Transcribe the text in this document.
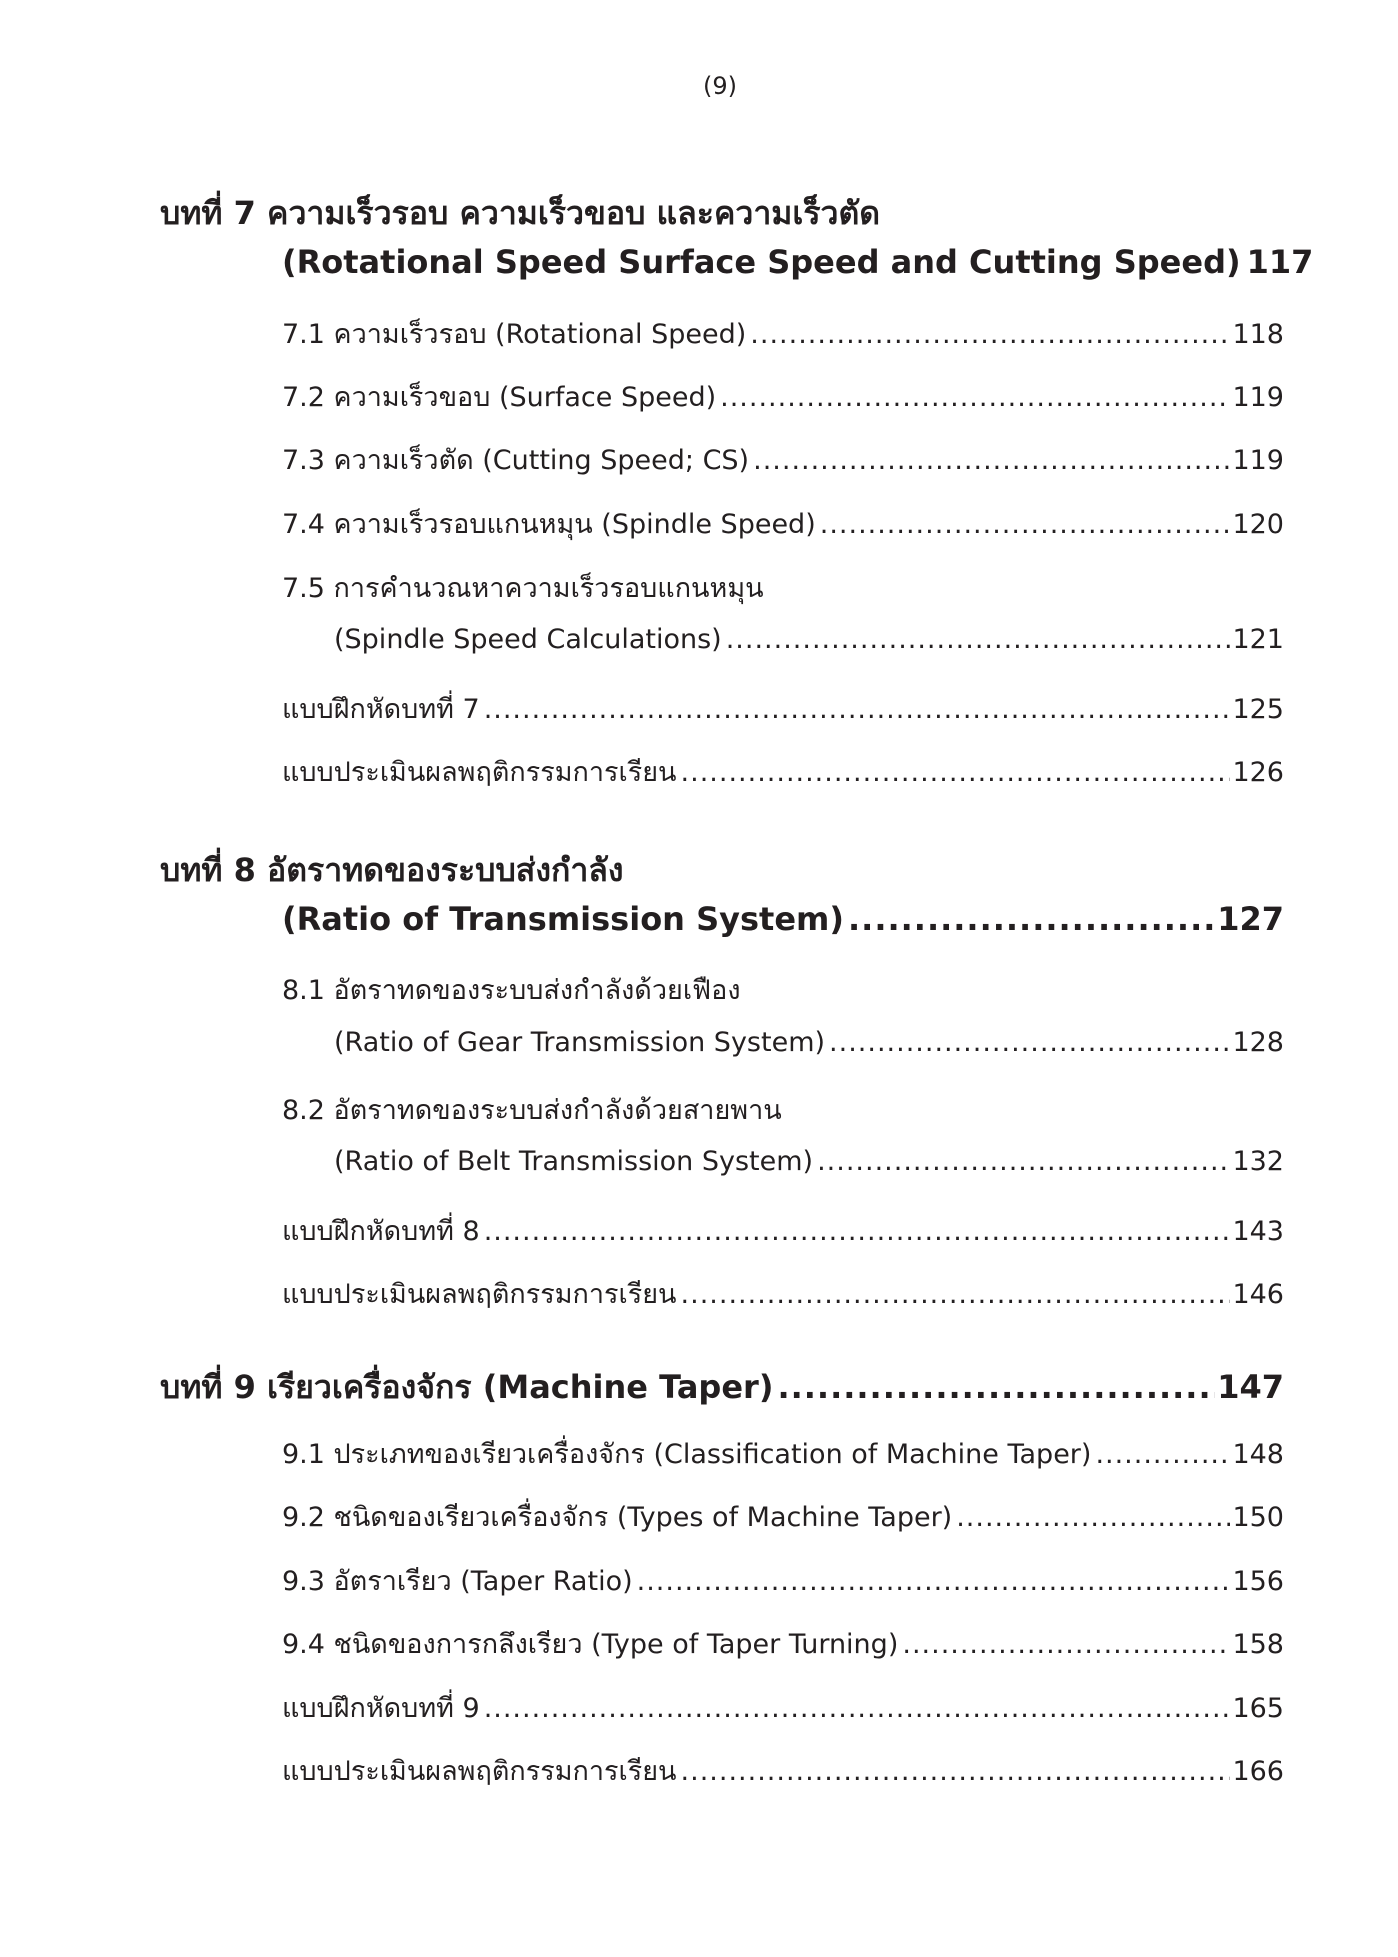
(9)
บทที่ 7 ความเร็วรอบ ความเร็วขอบ และความเร็วตัด
(Rotational Speed Surface Speed and Cutting Speed) 117
7.1 ความเร็วรอบ (Rotational Speed) .....	118
7.2 ความเร็วขอบ (Surface Speed) .....	119
7.3 ความเร็วตัด (Cutting Speed; CS) .....	119
7.4 ความเร็วรอบแกนหมุน (Spindle Speed) .....	120
7.5 การคำนวณหาความเร็วรอบแกนหมุน
(Spindle Speed Calculations) .....	121
แบบฝึกหัดบทที่ 7 .....	125
แบบประเมินผลพฤติกรรมการเรียน .....	126
บทที่ 8 อัตราทดของระบบส่งกำลัง
(Ratio of Transmission System) .....	127
8.1 อัตราทดของระบบส่งกำลังด้วยเฟือง
(Ratio of Gear Transmission System) .....	128
8.2 อัตราทดของระบบส่งกำลังด้วยสายพาน
(Ratio of Belt Transmission System) .....	132
แบบฝึกหัดบทที่ 8 .....	143
แบบประเมินผลพฤติกรรมการเรียน .....	146
บทที่ 9 เรียวเครื่องจักร (Machine Taper) .....	147
9.1 ประเภทของเรียวเครื่องจักร (Classification of Machine Taper) .....	148
9.2 ชนิดของเรียวเครื่องจักร (Types of Machine Taper) .....	150
9.3 อัตราเรียว (Taper Ratio) .....	156
9.4 ชนิดของการกลึงเรียว (Type of Taper Turning) .....	158
แบบฝึกหัดบทที่ 9 .....	165
แบบประเมินผลพฤติกรรมการเรียน .....	166
